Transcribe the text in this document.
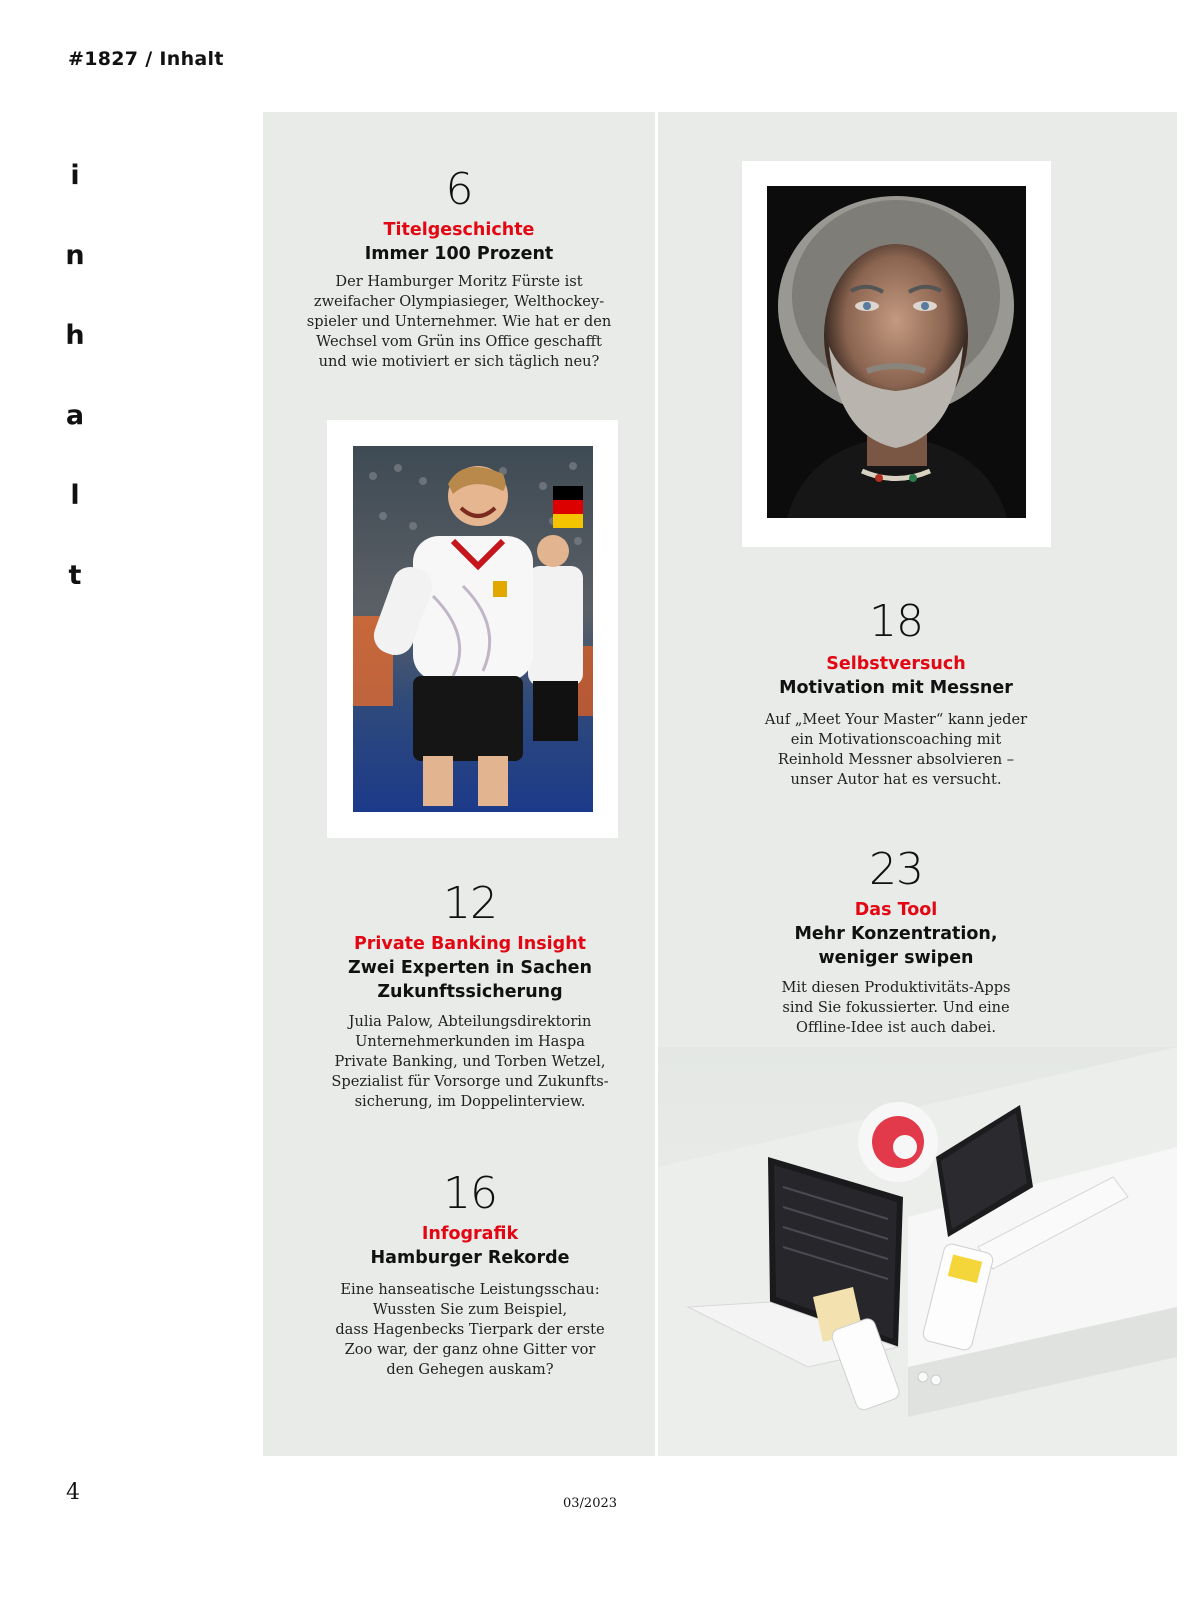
#1827 / Inhalt
i
n
h
a
l
t
6
Titelgeschichte
Immer 100 Prozent
Der Hamburger Moritz Fürste ist
zweifacher Olympiasieger, Welthockey-
spieler und Unternehmer. Wie hat er den
Wechsel vom Grün ins Office geschafft
und wie motiviert er sich täglich neu?
12
Private Banking Insight
Zwei Experten in Sachen
Zukunftssicherung
Julia Palow, Abteilungsdirektorin
Unternehmerkunden im Haspa
Private Banking, und Torben Wetzel,
Spezialist für Vorsorge und Zukunfts-
sicherung, im Doppelinterview.
16
Infografik
Hamburger Rekorde
Eine hanseatische Leistungsschau:
Wussten Sie zum Beispiel,
dass Hagenbecks Tierpark der erste
Zoo war, der ganz ohne Gitter vor
den Gehegen auskam?
18
Selbstversuch
Motivation mit Messner
Auf „Meet Your Master“ kann jeder
ein Motivationscoaching mit
Reinhold Messner absolvieren –
unser Autor hat es versucht.
23
Das Tool
Mehr Konzentration,
weniger swipen
Mit diesen Produktivitäts-Apps
sind Sie fokussierter. Und eine
Offline-Idee ist auch dabei.
4	03/2023
